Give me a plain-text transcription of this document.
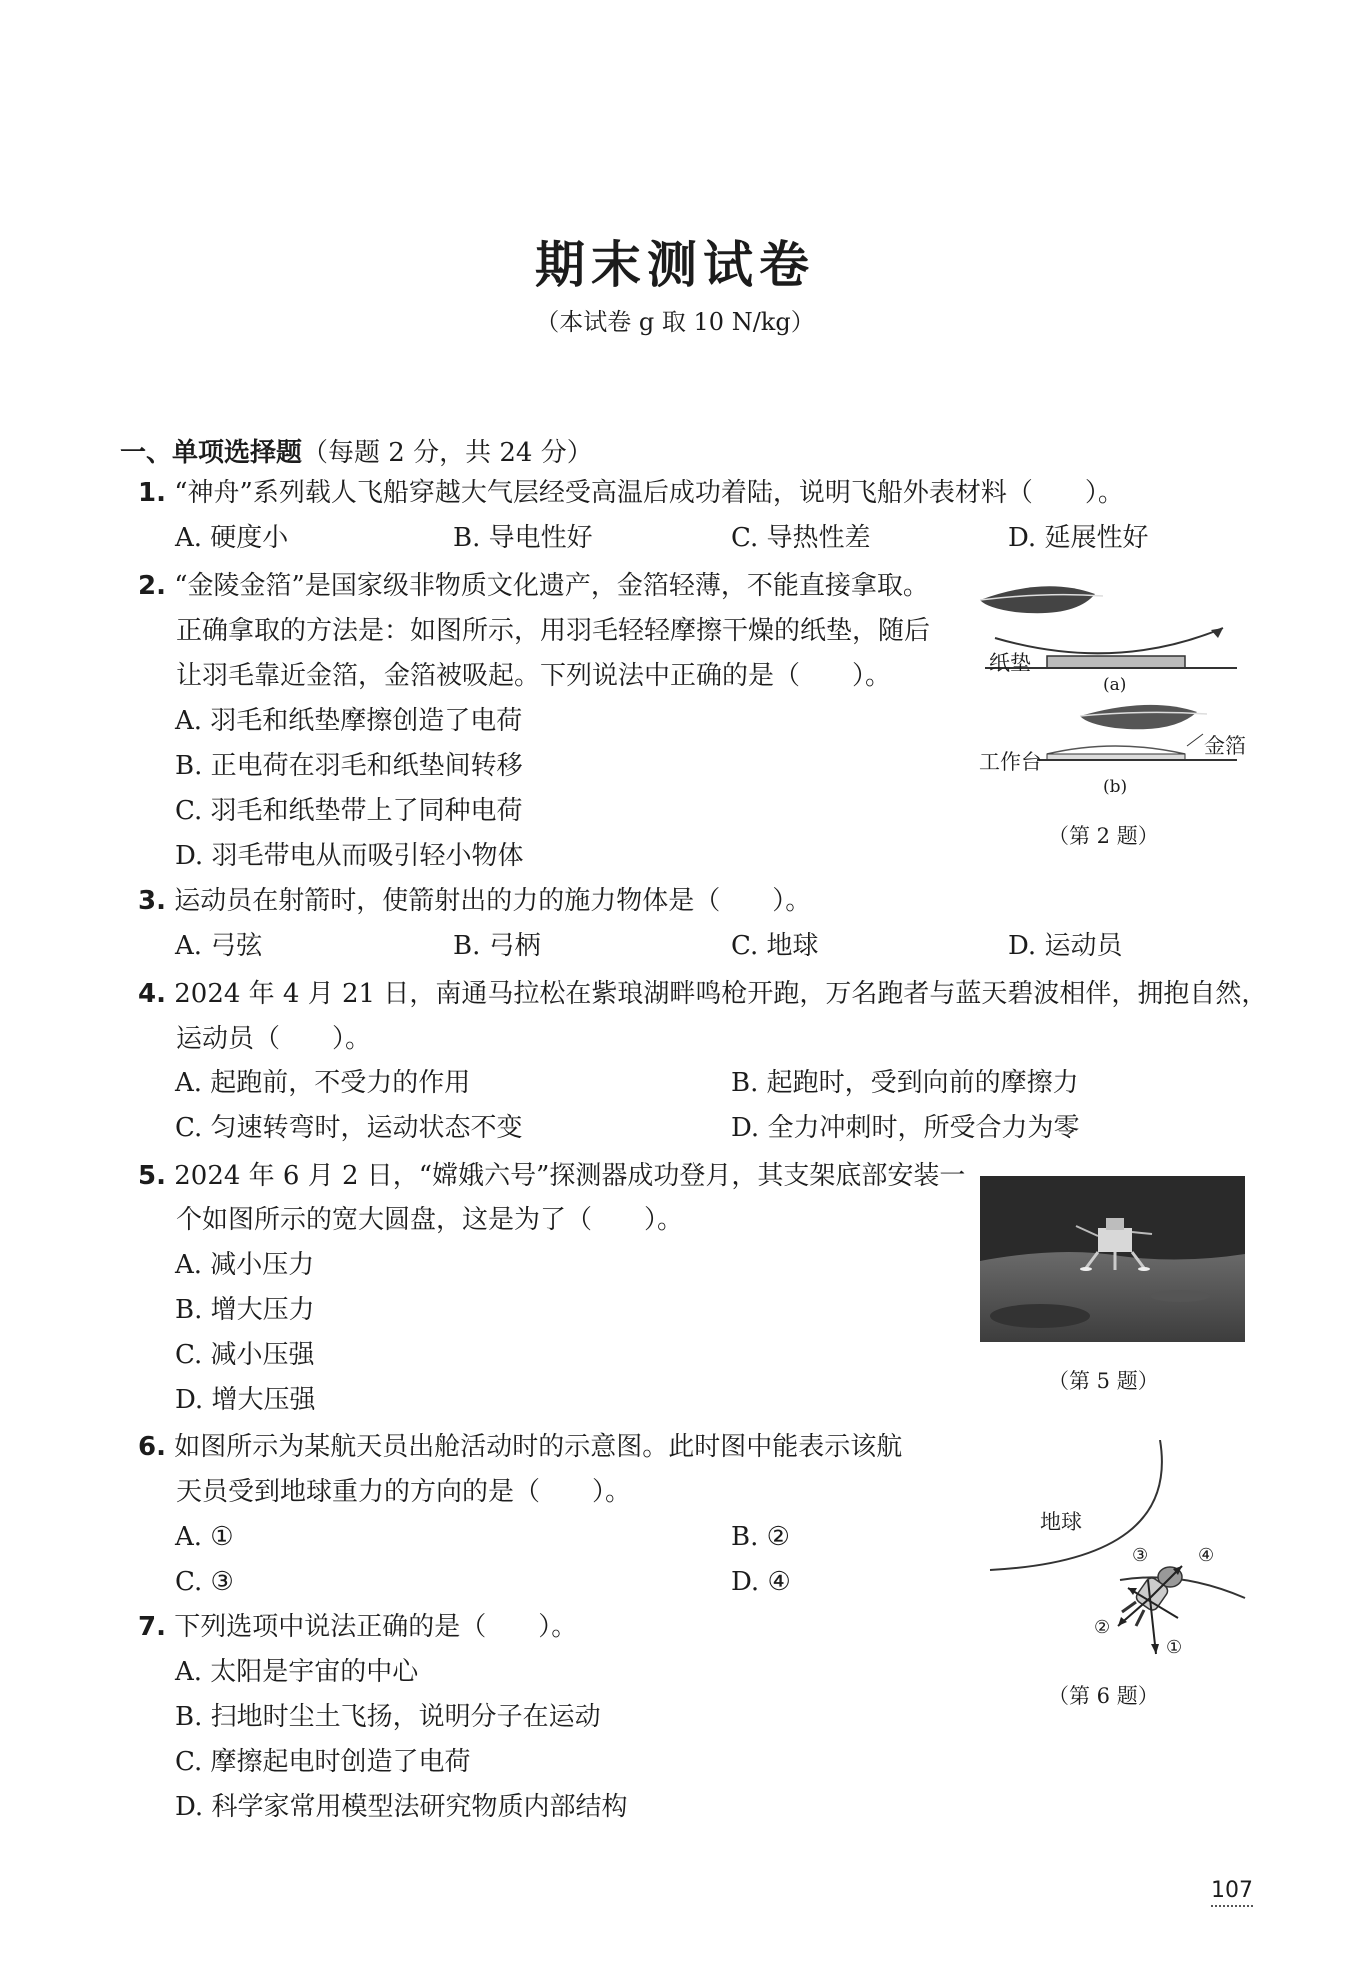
期末测试卷
（本试卷 g 取 10 N/kg）
一、单项选择题（每题 2 分，共 24 分）
1. “神舟”系列载人飞船穿越大气层经受高温后成功着陆，说明飞船外表材料（　　）。
A. 硬度小	B. 导电性好	C. 导热性差	D. 延展性好
2. “金陵金箔”是国家级非物质文化遗产，金箔轻薄，不能直接拿取。
正确拿取的方法是：如图所示，用羽毛轻轻摩擦干燥的纸垫，随后
让羽毛靠近金箔，金箔被吸起。下列说法中正确的是（　　）。
A. 羽毛和纸垫摩擦创造了电荷
B. 正电荷在羽毛和纸垫间转移
C. 羽毛和纸垫带上了同种电荷
D. 羽毛带电从而吸引轻小物体
纸垫
(a)
工作台
金箔
(b)
（第 2 题）
3. 运动员在射箭时，使箭射出的力的施力物体是（　　）。
A. 弓弦	B. 弓柄	C. 地球	D. 运动员
4. 2024 年 4 月 21 日，南通马拉松在紫琅湖畔鸣枪开跑，万名跑者与蓝天碧波相伴，拥抱自然，
运动员（　　）。
A. 起跑前，不受力的作用	B. 起跑时，受到向前的摩擦力
C. 匀速转弯时，运动状态不变	D. 全力冲刺时，所受合力为零
5. 2024 年 6 月 2 日，“嫦娥六号”探测器成功登月，其支架底部安装一
个如图所示的宽大圆盘，这是为了（　　）。
A. 减小压力
B. 增大压力
C. 减小压强
D. 增大压强
（第 5 题）
6. 如图所示为某航天员出舱活动时的示意图。此时图中能表示该航
天员受到地球重力的方向的是（　　）。
A. ①	B. ②
C. ③	D. ④
地球
③	④
②
①
（第 6 题）
7. 下列选项中说法正确的是（　　）。
A. 太阳是宇宙的中心
B. 扫地时尘土飞扬，说明分子在运动
C. 摩擦起电时创造了电荷
D. 科学家常用模型法研究物质内部结构
107
